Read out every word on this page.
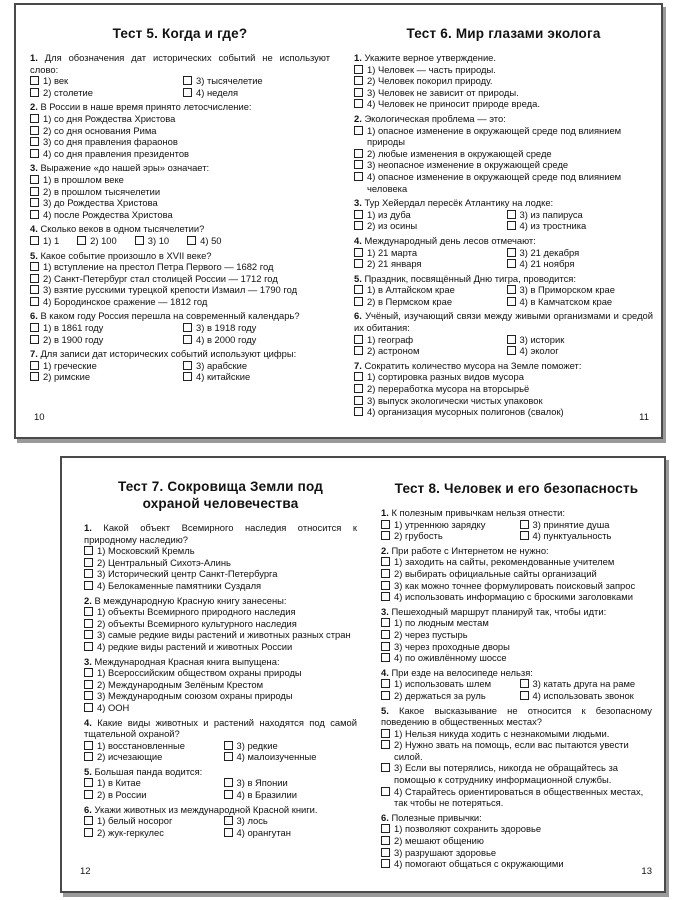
Тест 5. Когда и где?
1. Для обозначения дат исторических событий не используют слово:
1) век	3) тысячелетие
2) столетие	4) неделя
2. В России в наше время принято летосчисление:
1) со дня Рождества Христова
2) со дня основания Рима
3) со дня правления фараонов
4) со дня правления президентов
3. Выражение «до нашей эры» означает:
1) в прошлом веке
2) в прошлом тысячелетии
3) до Рождества Христова
4) после Рождества Христова
4. Сколько веков в одном тысячелетии?
1) 1	2) 100	3) 10	4) 50
5. Какое событие произошло в XVII веке?
1) вступление на престол Петра Первого — 1682 год
2) Санкт-Петербург стал столицей России — 1712 год
3) взятие русскими турецкой крепости Измаил — 1790 год
4) Бородинское сражение — 1812 год
6. В каком году Россия перешла на современный календарь?
1) в 1861 году	3) в 1918 году
2) в 1900 году	4) в 2000 году
7. Для записи дат исторических событий используют цифры:
1) греческие	3) арабские
2) римские	4) китайские
10
Тест 6. Мир глазами эколога
1. Укажите верное утверждение.
1) Человек — часть природы.
2) Человек покорил природу.
3) Человек не зависит от природы.
4) Человек не приносит природе вреда.
2. Экологическая проблема — это:
1) опасное изменение в окружающей среде под влиянием природы
2) любые изменения в окружающей среде
3) неопасное изменение в окружающей среде
4) опасное изменение в окружающей среде под влиянием человека
3. Тур Хейердал пересёк Атлантику на лодке:
1) из дуба	3) из папируса
2) из осины	4) из тростника
4. Международный день лесов отмечают:
1) 21 марта	3) 21 декабря
2) 21 января	4) 21 ноября
5. Праздник, посвящённый Дню тигра, проводится:
1) в Алтайском крае	3) в Приморском крае
2) в Пермском крае	4) в Камчатском крае
6. Учёный, изучающий связи между живыми организмами и средой их обитания:
1) географ	3) историк
2) астроном	4) эколог
7. Сократить количество мусора на Земле поможет:
1) сортировка разных видов мусора
2) переработка мусора на вторсырьё
3) выпуск экологически чистых упаковок
4) организация мусорных полигонов (свалок)
11
Тест 7. Сокровища Земли под охраной человечества
1. Какой объект Всемирного наследия относится к природному наследию?
1) Московский Кремль
2) Центральный Сихотэ-Алинь
3) Исторический центр Санкт-Петербурга
4) Белокаменные памятники Суздаля
2. В международную Красную книгу занесены:
1) объекты Всемирного природного наследия
2) объекты Всемирного культурного наследия
3) самые редкие виды растений и животных разных стран
4) редкие виды растений и животных России
3. Международная Красная книга выпущена:
1) Всероссийским обществом охраны природы
2) Международным Зелёным Крестом
3) Международным союзом охраны природы
4) ООН
4. Какие виды животных и растений находятся под самой тщательной охраной?
1) восстановленные	3) редкие
2) исчезающие	4) малоизученные
5. Большая панда водится:
1) в Китае	3) в Японии
2) в России	4) в Бразилии
6. Укажи животных из международной Красной книги.
1) белый носорог	3) лось
2) жук-геркулес	4) орангутан
12
Тест 8. Человек и его безопасность
1. К полезным привычкам нельзя отнести:
1) утреннюю зарядку	3) принятие душа
2) грубость	4) пунктуальность
2. При работе с Интернетом не нужно:
1) заходить на сайты, рекомендованные учителем
2) выбирать официальные сайты организаций
3) как можно точнее формулировать поисковый запрос
4) использовать информацию с броскими заголовками
3. Пешеходный маршрут планируй так, чтобы идти:
1) по людным местам
2) через пустырь
3) через проходные дворы
4) по оживлённому шоссе
4. При езде на велосипеде нельзя:
1) использовать шлем	3) катать друга на раме
2) держаться за руль	4) использовать звонок
5. Какое высказывание не относится к безопасному поведению в общественных местах?
1) Нельзя никуда ходить с незнакомыми людьми.
2) Нужно звать на помощь, если вас пытаются увести силой.
3) Если вы потерялись, никогда не обращайтесь за помощью к сотруднику информационной службы.
4) Старайтесь ориентироваться в общественных местах, так чтобы не потеряться.
6. Полезные привычки:
1) позволяют сохранить здоровье
2) мешают общению
3) разрушают здоровье
4) помогают общаться с окружающими
13
